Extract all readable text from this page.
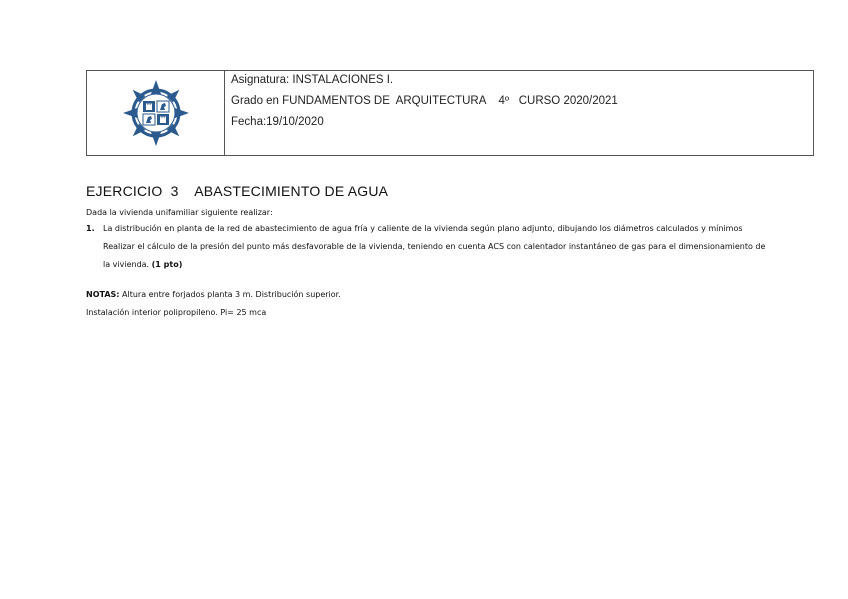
Asignatura: INSTALACIONES I.
Grado en FUNDAMENTOS DE  ARQUITECTURA    4º   CURSO 2020/2021
Fecha:19/10/2020
EJERCICIO  3    ABASTECIMIENTO DE AGUA
Dada la vivienda unifamiliar siguiente realizar:
1.	La distribución en planta de la red de abastecimiento de agua fría y caliente de la vivienda según plano adjunto, dibujando los diámetros calculados y mínimos
Realizar el cálculo de la presión del punto más desfavorable de la vivienda, teniendo en cuenta ACS con calentador instantáneo de gas para el dimensionamiento de
la vivienda. (1 pto)
NOTAS: Altura entre forjados planta 3 m. Distribución superior.
Instalación interior polipropileno. Pi= 25 mca
